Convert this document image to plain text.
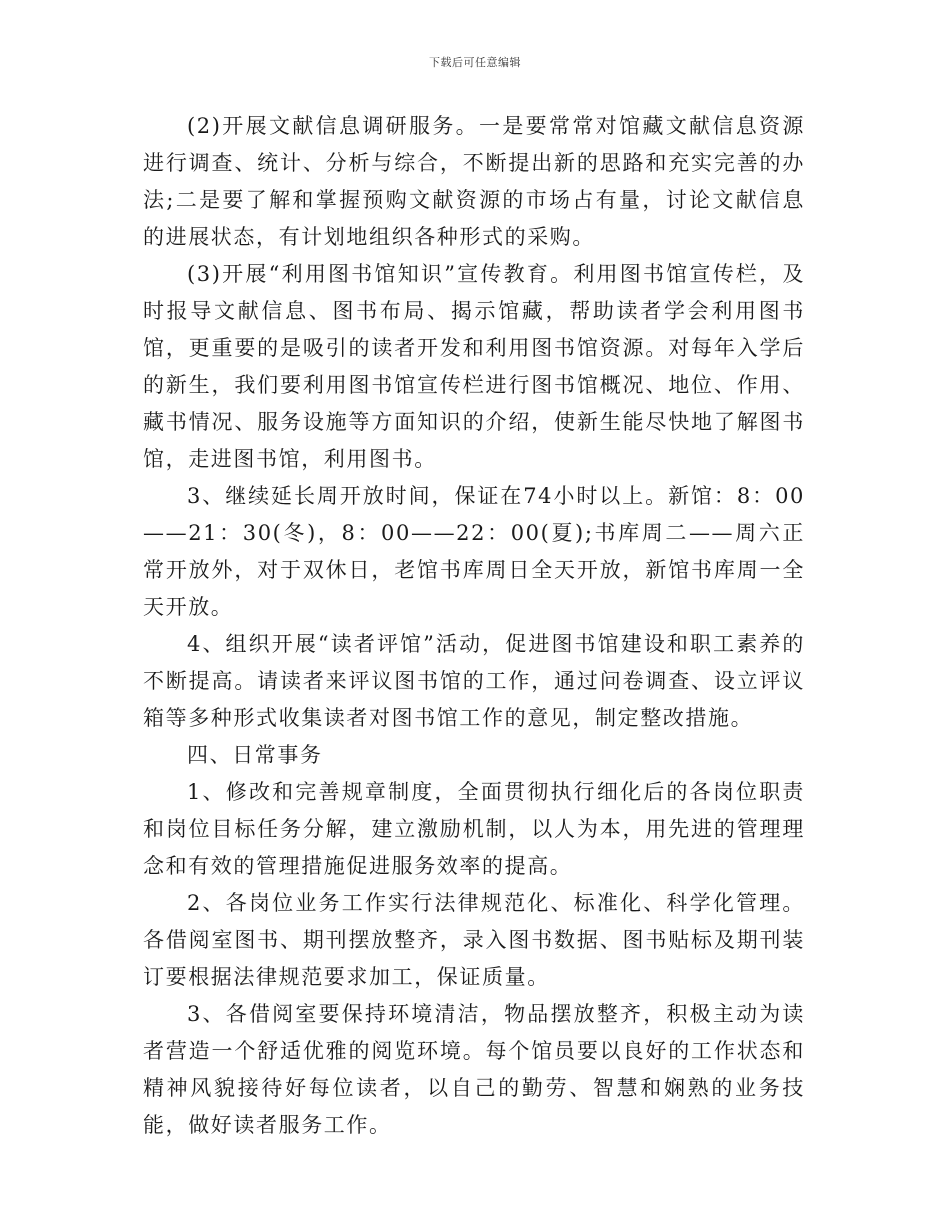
下载后可任意编辑

(2)开展文献信息调研服务。一是要常常对馆藏文献信息资源进行调查、统计、分析与综合，不断提出新的思路和充实完善的办法;二是要了解和掌握预购文献资源的市场占有量，讨论文献信息的进展状态，有计划地组织各种形式的采购。

(3)开展“利用图书馆知识”宣传教育。利用图书馆宣传栏，及时报导文献信息、图书布局、揭示馆藏，帮助读者学会利用图书馆，更重要的是吸引的读者开发和利用图书馆资源。对每年入学后的新生，我们要利用图书馆宣传栏进行图书馆概况、地位、作用、藏书情况、服务设施等方面知识的介绍，使新生能尽快地了解图书馆，走进图书馆，利用图书。

3、继续延长周开放时间，保证在74小时以上。新馆：8：00——21：30(冬)，8：00——22：00(夏);书库周二——周六正常开放外，对于双休日，老馆书库周日全天开放，新馆书库周一全天开放。

4、组织开展“读者评馆”活动，促进图书馆建设和职工素养的不断提高。请读者来评议图书馆的工作，通过问卷调查、设立评议箱等多种形式收集读者对图书馆工作的意见，制定整改措施。

四、日常事务

1、修改和完善规章制度，全面贯彻执行细化后的各岗位职责和岗位目标任务分解，建立激励机制，以人为本，用先进的管理理念和有效的管理措施促进服务效率的提高。

2、各岗位业务工作实行法律规范化、标准化、科学化管理。各借阅室图书、期刊摆放整齐，录入图书数据、图书贴标及期刊装订要根据法律规范要求加工，保证质量。

3、各借阅室要保持环境清洁，物品摆放整齐，积极主动为读者营造一个舒适优雅的阅览环境。每个馆员要以良好的工作状态和精神风貌接待好每位读者，以自己的勤劳、智慧和娴熟的业务技能，做好读者服务工作。
